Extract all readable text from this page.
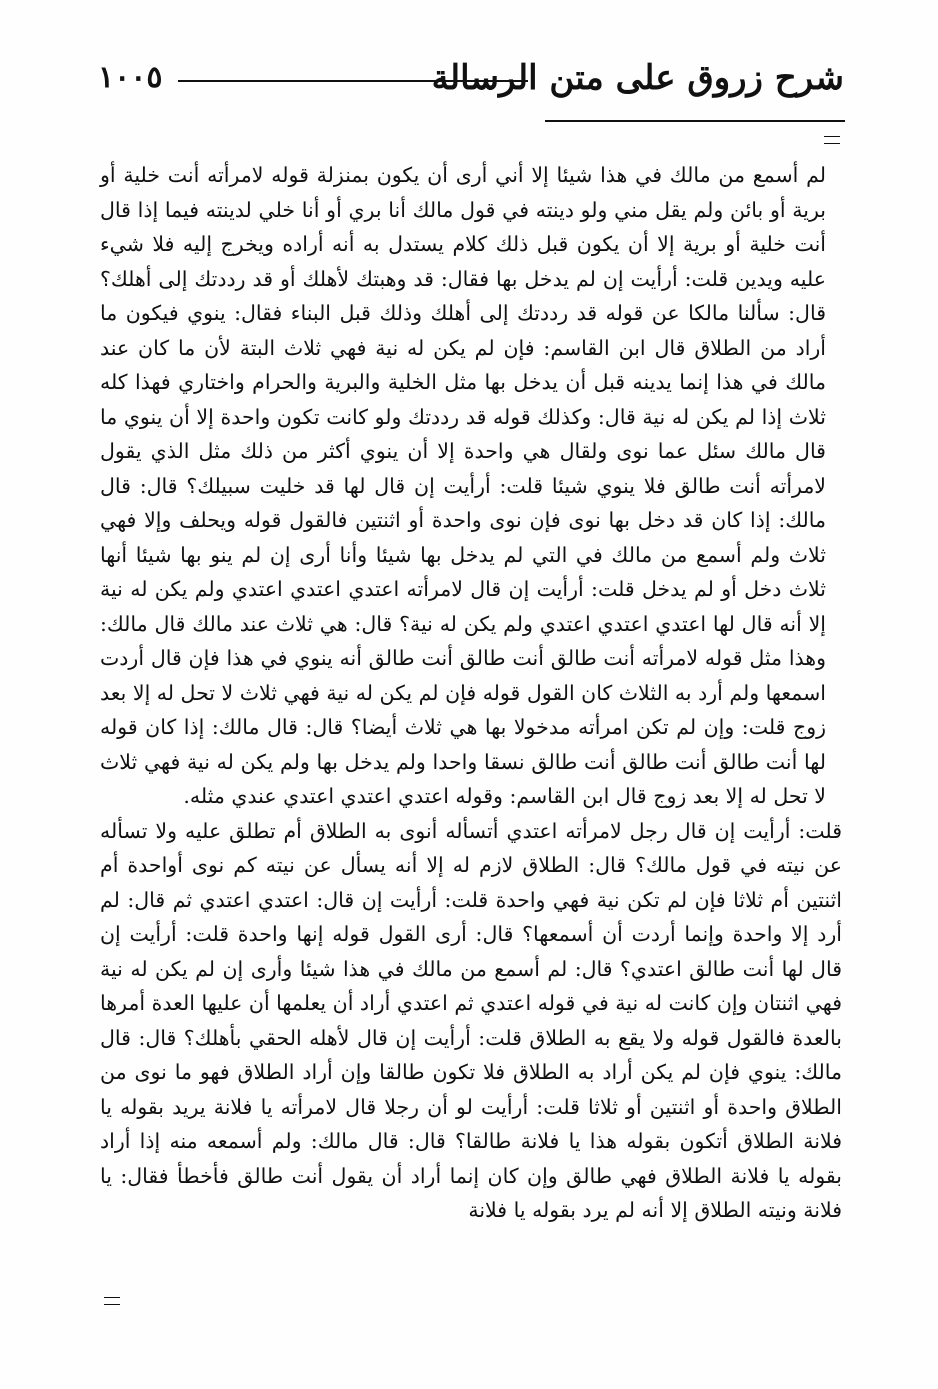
شرح زروق على متن الرسالة
١٠٠٥

لم أسمع من مالك في هذا شيئا إلا أني أرى أن يكون بمنزلة قوله لامرأته أنت خلية أو برية أو بائن ولم يقل مني ولو دينته في قول مالك أنا بري أو أنا خلي لدينته فيما إذا قال أنت خلية أو برية إلا أن يكون قبل ذلك كلام يستدل به أنه أراده ويخرج إليه فلا شيء عليه ويدين قلت: أرأيت إن لم يدخل بها فقال: قد وهبتك لأهلك أو قد رددتك إلى أهلك؟ قال: سألنا مالكا عن قوله قد رددتك إلى أهلك وذلك قبل البناء فقال: ينوي فيكون ما أراد من الطلاق قال ابن القاسم: فإن لم يكن له نية فهي ثلاث البتة لأن ما كان عند مالك في هذا إنما يدينه قبل أن يدخل بها مثل الخلية والبرية والحرام واختاري فهذا كله ثلاث إذا لم يكن له نية قال: وكذلك قوله قد رددتك ولو كانت تكون واحدة إلا أن ينوي ما قال مالك سئل عما نوى ولقال هي واحدة إلا أن ينوي أكثر من ذلك مثل الذي يقول لامرأته أنت طالق فلا ينوي شيئا قلت: أرأيت إن قال لها قد خليت سبيلك؟ قال: قال مالك: إذا كان قد دخل بها نوى فإن نوى واحدة أو اثنتين فالقول قوله ويحلف وإلا فهي ثلاث ولم أسمع من مالك في التي لم يدخل بها شيئا وأنا أرى إن لم ينو بها شيئا أنها ثلاث دخل أو لم يدخل قلت: أرأيت إن قال لامرأته اعتدي اعتدي اعتدي ولم يكن له نية إلا أنه قال لها اعتدي اعتدي اعتدي ولم يكن له نية؟ قال: هي ثلاث عند مالك قال مالك: وهذا مثل قوله لامرأته أنت طالق أنت طالق أنت طالق أنه ينوي في هذا فإن قال أردت اسمعها ولم أرد به الثلاث كان القول قوله فإن لم يكن له نية فهي ثلاث لا تحل له إلا بعد زوج قلت: وإن لم تكن امرأته مدخولا بها هي ثلاث أيضا؟ قال: قال مالك: إذا كان قوله لها أنت طالق أنت طالق أنت طالق نسقا واحدا ولم يدخل بها ولم يكن له نية فهي ثلاث لا تحل له إلا بعد زوج قال ابن القاسم: وقوله اعتدي اعتدي اعتدي عندي مثله.

قلت: أرأيت إن قال رجل لامرأته اعتدي أتسأله أنوى به الطلاق أم تطلق عليه ولا تسأله عن نيته في قول مالك؟ قال: الطلاق لازم له إلا أنه يسأل عن نيته كم نوى أواحدة أم اثنتين أم ثلاثا فإن لم تكن نية فهي واحدة قلت: أرأيت إن قال: اعتدي اعتدي ثم قال: لم أرد إلا واحدة وإنما أردت أن أسمعها؟ قال: أرى القول قوله إنها واحدة قلت: أرأيت إن قال لها أنت طالق اعتدي؟ قال: لم أسمع من مالك في هذا شيئا وأرى إن لم يكن له نية فهي اثنتان وإن كانت له نية في قوله اعتدي ثم اعتدي أراد أن يعلمها أن عليها العدة أمرها بالعدة فالقول قوله ولا يقع به الطلاق قلت: أرأيت إن قال لأهله الحقي بأهلك؟ قال: قال مالك: ينوي فإن لم يكن أراد به الطلاق فلا تكون طالقا وإن أراد الطلاق فهو ما نوى من الطلاق واحدة أو اثنتين أو ثلاثا قلت: أرأيت لو أن رجلا قال لامرأته يا فلانة يريد بقوله يا فلانة الطلاق أتكون بقوله هذا يا فلانة طالقا؟ قال: قال مالك: ولم أسمعه منه إذا أراد بقوله يا فلانة الطلاق فهي طالق وإن كان إنما أراد أن يقول أنت طالق فأخطأ فقال: يا فلانة ونيته الطلاق إلا أنه لم يرد بقوله يا فلانة
